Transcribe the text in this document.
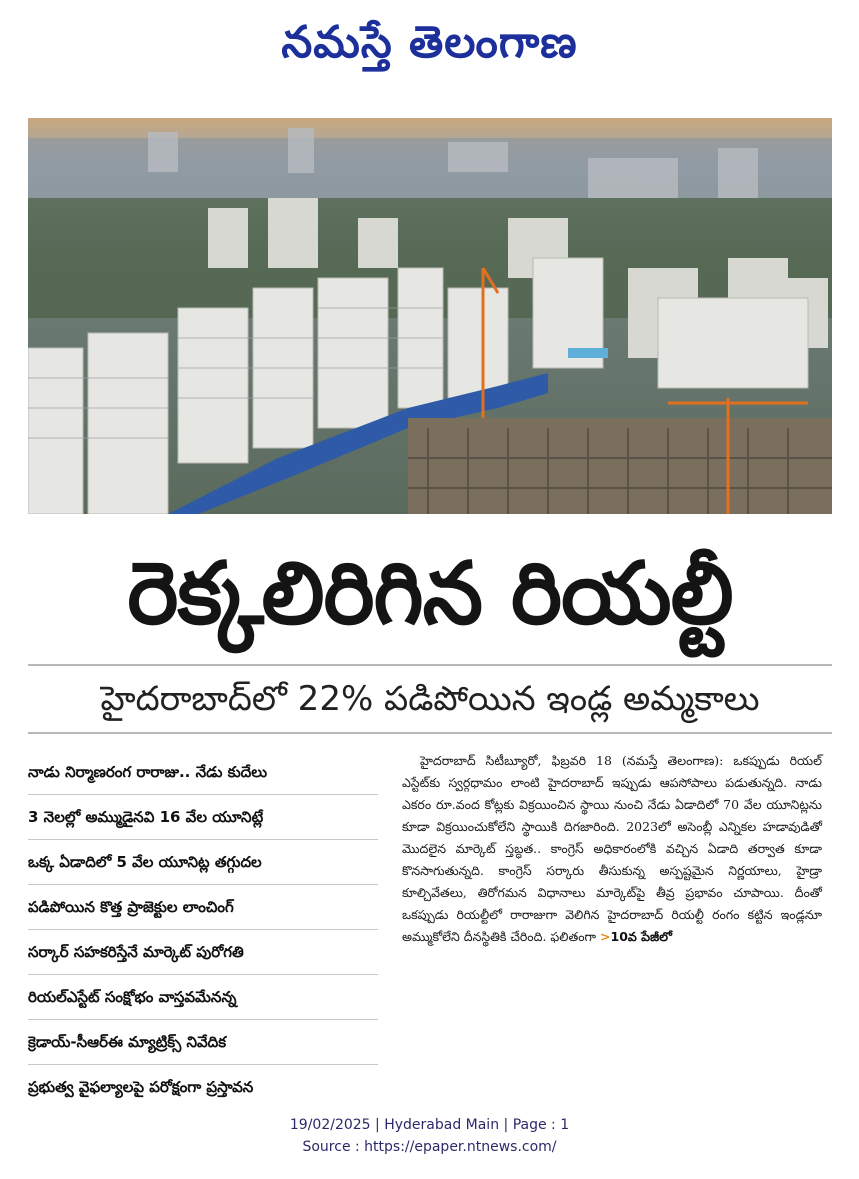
నమస్తే తెలంగాణ
రెక్కలిరిగిన రియల్టీ
హైదరాబాద్‌లో 22% పడిపోయిన ఇండ్ల అమ్మకాలు
నాడు నిర్మాణరంగ రారాజు.. నేడు కుదేలు
3 నెలల్లో అమ్ముడైనవి 16 వేల యూనిట్లే
ఒక్క ఏడాదిలో 5 వేల యూనిట్ల తగ్గుదల
పడిపోయిన కొత్త ప్రాజెక్టుల లాంచింగ్
సర్కార్ సహకరిస్తేనే మార్కెట్ పురోగతి
రియల్ఎస్టేట్ సంక్షోభం వాస్తవమేనన్న
క్రెడాయ్-సీఆర్ఈ మ్యాట్రిక్స్ నివేదిక
ప్రభుత్వ వైఫల్యాలపై పరోక్షంగా ప్రస్తావన
హైదరాబాద్ సిటీబ్యూరో, ఫిబ్రవరి 18 (నమస్తే తెలంగాణ): ఒకప్పుడు రియల్ ఎస్టేట్‌కు స్వర్గధామం లాంటి హైదరాబాద్ ఇప్పుడు ఆపసోపాలు పడుతున్నది. నాడు ఎకరం రూ.వంద కోట్లకు విక్రయించిన స్థాయి నుంచి నేడు ఏడాదిలో 70 వేల యూనిట్లను కూడా విక్రయించుకోలేని స్థాయికి దిగజారింది. 2023లో అసెంబ్లీ ఎన్నికల హడావుడితో మొదలైన మార్కెట్ స్తబ్ధత.. కాంగ్రెస్ అధికారంలోకి వచ్చిన ఏడాది తర్వాత కూడా కొనసాగుతున్నది. కాంగ్రెస్ సర్కారు తీసుకున్న అస్పష్టమైన నిర్ణయాలు, హైడ్రా కూల్చివేతలు, తిరోగమన విధానాలు మార్కెట్‌పై తీవ్ర ప్రభావం చూపాయి. దీంతో ఒకప్పుడు రియల్టీలో రారాజుగా వెలిగిన హైదరాబాద్ రియల్టీ రంగం కట్టిన ఇండ్లనూ అమ్ముకోలేని దీనస్థితికి చేరింది. ఫలితంగా >10వ పేజీలో
19/02/2025 | Hyderabad Main | Page : 1
Source : https://epaper.ntnews.com/
